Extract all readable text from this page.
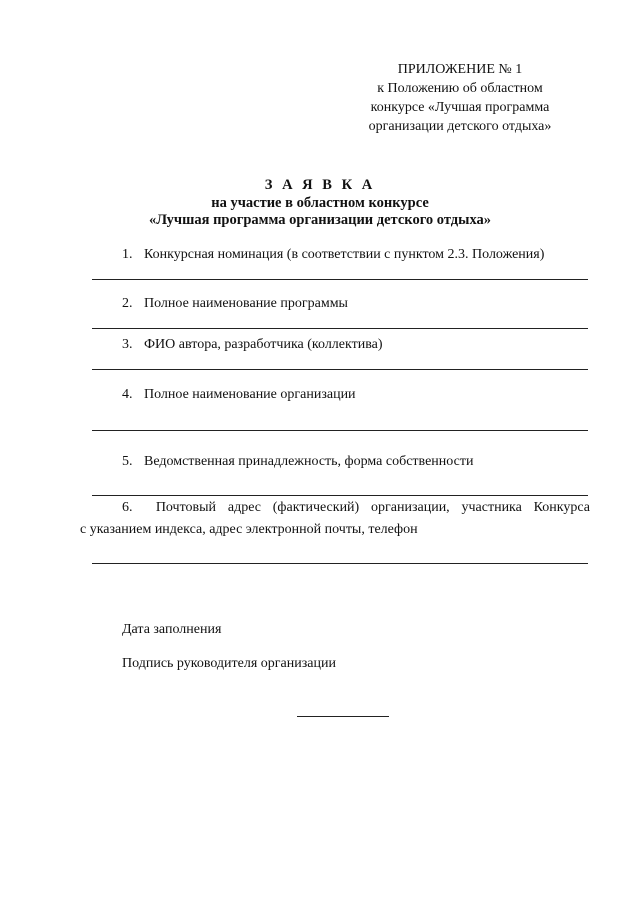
ПРИЛОЖЕНИЕ № 1
к Положению об областном
конкурсе «Лучшая программа
организации детского отдыха»
З А Я В К А
на участие в областном конкурсе
«Лучшая программа организации детского отдыха»
1. Конкурсная номинация (в соответствии с пунктом 2.3. Положения)
2. Полное наименование программы
3. ФИО автора, разработчика (коллектива)
4. Полное наименование организации
5. Ведомственная принадлежность, форма собственности
6. Почтовый адрес (фактический) организации, участника Конкурса
с указанием индекса, адрес электронной почты, телефон
Дата заполнения
Подпись руководителя организации
